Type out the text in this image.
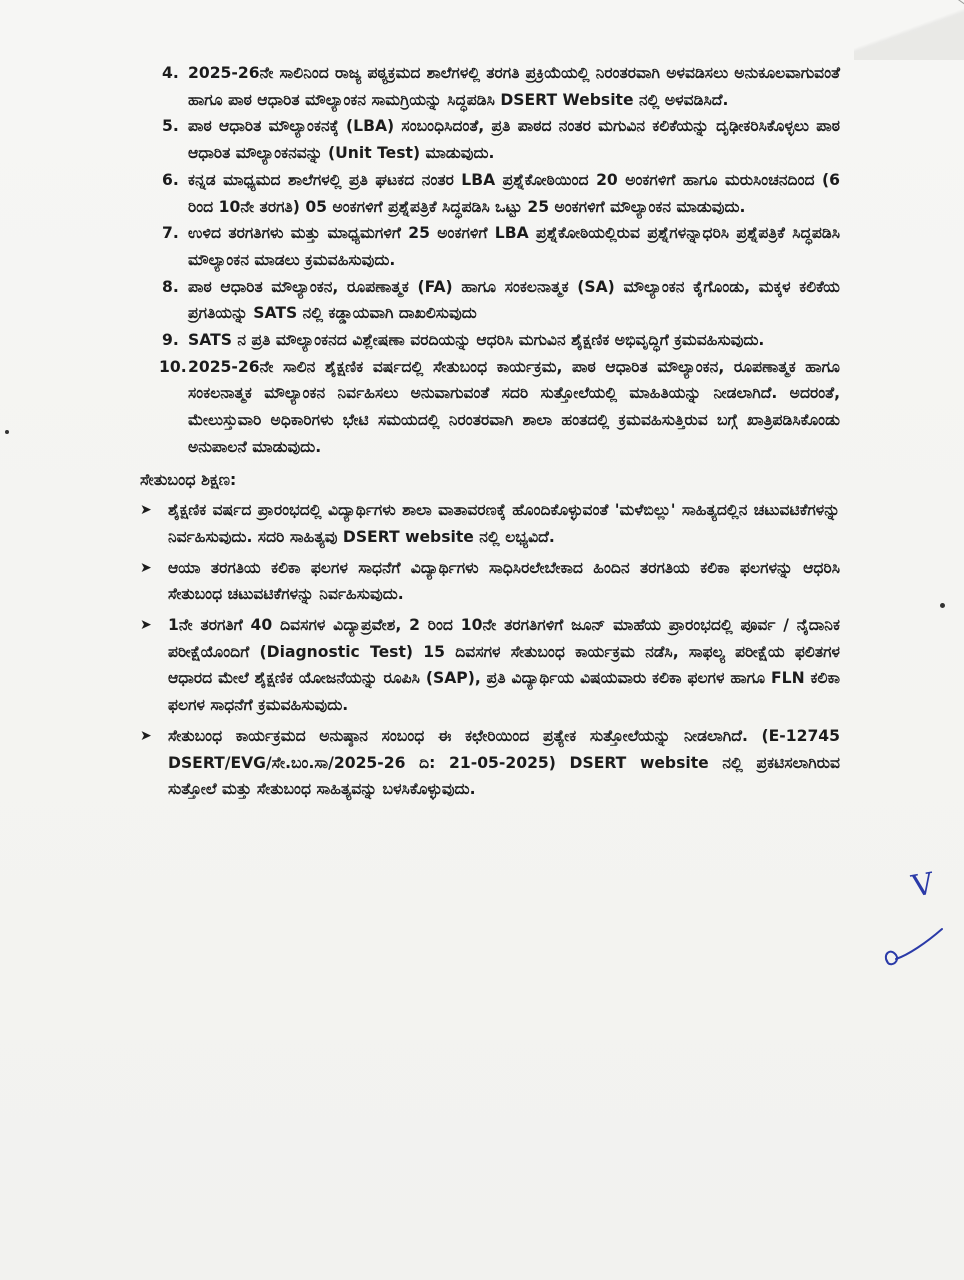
4. 2025-26ನೇ ಸಾಲಿನಿಂದ ರಾಜ್ಯ ಪಠ್ಯಕ್ರಮದ ಶಾಲೆಗಳಲ್ಲಿ ತರಗತಿ ಪ್ರಕ್ರಿಯೆಯಲ್ಲಿ ನಿರಂತರವಾಗಿ ಅಳವಡಿಸಲು ಅನುಕೂಲವಾಗುವಂತೆ ಹಾಗೂ ಪಾಠ ಆಧಾರಿತ ಮೌಲ್ಯಾಂಕನ ಸಾಮಗ್ರಿಯನ್ನು ಸಿದ್ಧಪಡಿಸಿ DSERT Website ನಲ್ಲಿ ಅಳವಡಿಸಿದೆ.
5. ಪಾಠ ಆಧಾರಿತ ಮೌಲ್ಯಾಂಕನಕ್ಕೆ (LBA) ಸಂಬಂಧಿಸಿದಂತೆ, ಪ್ರತಿ ಪಾಠದ ನಂತರ ಮಗುವಿನ ಕಲಿಕೆಯನ್ನು ದೃಢೀಕರಿಸಿಕೊಳ್ಳಲು ಪಾಠ ಆಧಾರಿತ ಮೌಲ್ಯಾಂಕನವನ್ನು (Unit Test) ಮಾಡುವುದು.
6. ಕನ್ನಡ ಮಾಧ್ಯಮದ ಶಾಲೆಗಳಲ್ಲಿ ಪ್ರತಿ ಘಟಕದ ನಂತರ LBA ಪ್ರಶ್ನೆಕೋಠಿಯಿಂದ 20 ಅಂಕಗಳಿಗೆ ಹಾಗೂ ಮರುಸಿಂಚನದಿಂದ (6 ರಿಂದ 10ನೇ ತರಗತಿ) 05 ಅಂಕಗಳಿಗೆ ಪ್ರಶ್ನೆಪತ್ರಿಕೆ ಸಿದ್ಧಪಡಿಸಿ ಒಟ್ಟು 25 ಅಂಕಗಳಿಗೆ ಮೌಲ್ಯಾಂಕನ ಮಾಡುವುದು.
7. ಉಳಿದ ತರಗತಿಗಳು ಮತ್ತು ಮಾಧ್ಯಮಗಳಿಗೆ 25 ಅಂಕಗಳಿಗೆ LBA ಪ್ರಶ್ನೆಕೋಠಿಯಲ್ಲಿರುವ ಪ್ರಶ್ನೆಗಳನ್ನಾಧರಿಸಿ ಪ್ರಶ್ನೆಪತ್ರಿಕೆ ಸಿದ್ಧಪಡಿಸಿ ಮೌಲ್ಯಾಂಕನ ಮಾಡಲು ಕ್ರಮವಹಿಸುವುದು.
8. ಪಾಠ ಆಧಾರಿತ ಮೌಲ್ಯಾಂಕನ, ರೂಪಣಾತ್ಮಕ (FA) ಹಾಗೂ ಸಂಕಲನಾತ್ಮಕ (SA) ಮೌಲ್ಯಾಂಕನ ಕೈಗೊಂಡು, ಮಕ್ಕಳ ಕಲಿಕೆಯ ಪ್ರಗತಿಯನ್ನು SATS ನಲ್ಲಿ ಕಡ್ಡಾಯವಾಗಿ ದಾಖಲಿಸುವುದು
9. SATS ನ ಪ್ರತಿ ಮೌಲ್ಯಾಂಕನದ ವಿಶ್ಲೇಷಣಾ ವರದಿಯನ್ನು ಆಧರಿಸಿ ಮಗುವಿನ ಶೈಕ್ಷಣಿಕ ಅಭಿವೃದ್ಧಿಗೆ ಕ್ರಮವಹಿಸುವುದು.
10. 2025-26ನೇ ಸಾಲಿನ ಶೈಕ್ಷಣಿಕ ವರ್ಷದಲ್ಲಿ ಸೇತುಬಂಧ ಕಾರ್ಯಕ್ರಮ, ಪಾಠ ಆಧಾರಿತ ಮೌಲ್ಯಾಂಕನ, ರೂಪಣಾತ್ಮಕ ಹಾಗೂ ಸಂಕಲನಾತ್ಮಕ ಮೌಲ್ಯಾಂಕನ ನಿರ್ವಹಿಸಲು ಅನುವಾಗುವಂತೆ ಸದರಿ ಸುತ್ತೋಲೆಯಲ್ಲಿ ಮಾಹಿತಿಯನ್ನು ನೀಡಲಾಗಿದೆ. ಅದರಂತೆ, ಮೇಲುಸ್ತುವಾರಿ ಅಧಿಕಾರಿಗಳು ಭೇಟಿ ಸಮಯದಲ್ಲಿ ನಿರಂತರವಾಗಿ ಶಾಲಾ ಹಂತದಲ್ಲಿ ಕ್ರಮವಹಿಸುತ್ತಿರುವ ಬಗ್ಗೆ ಖಾತ್ರಿಪಡಿಸಿಕೊಂಡು ಅನುಪಾಲನೆ ಮಾಡುವುದು.
ಸೇತುಬಂಧ ಶಿಕ್ಷಣ:
➤ ಶೈಕ್ಷಣಿಕ ವರ್ಷದ ಪ್ರಾರಂಭದಲ್ಲಿ ವಿದ್ಯಾರ್ಥಿಗಳು ಶಾಲಾ ವಾತಾವರಣಕ್ಕೆ ಹೊಂದಿಕೊಳ್ಳುವಂತೆ 'ಮಳೆಬಿಲ್ಲು' ಸಾಹಿತ್ಯದಲ್ಲಿನ ಚಟುವಟಿಕೆಗಳನ್ನು ನಿರ್ವಹಿಸುವುದು. ಸದರಿ ಸಾಹಿತ್ಯವು DSERT website ನಲ್ಲಿ ಲಭ್ಯವಿದೆ.
➤ ಆಯಾ ತರಗತಿಯ ಕಲಿಕಾ ಫಲಗಳ ಸಾಧನೆಗೆ ವಿದ್ಯಾರ್ಥಿಗಳು ಸಾಧಿಸಿರಲೇಬೇಕಾದ ಹಿಂದಿನ ತರಗತಿಯ ಕಲಿಕಾ ಫಲಗಳನ್ನು ಆಧರಿಸಿ ಸೇತುಬಂಧ ಚಟುವಟಿಕೆಗಳನ್ನು ನಿರ್ವಹಿಸುವುದು.
➤ 1ನೇ ತರಗತಿಗೆ 40 ದಿವಸಗಳ ವಿದ್ಯಾಪ್ರವೇಶ, 2 ರಿಂದ 10ನೇ ತರಗತಿಗಳಿಗೆ ಜೂನ್ ಮಾಹೆಯ ಪ್ರಾರಂಭದಲ್ಲಿ ಪೂರ್ವ / ನೈದಾನಿಕ ಪರೀಕ್ಷೆಯೊಂದಿಗೆ (Diagnostic Test) 15 ದಿವಸಗಳ ಸೇತುಬಂಧ ಕಾರ್ಯಕ್ರಮ ನಡೆಸಿ, ಸಾಫಲ್ಯ ಪರೀಕ್ಷೆಯ ಫಲಿತಗಳ ಆಧಾರದ ಮೇಲೆ ಶೈಕ್ಷಣಿಕ ಯೋಜನೆಯನ್ನು ರೂಪಿಸಿ (SAP), ಪ್ರತಿ ವಿದ್ಯಾರ್ಥಿಯ ವಿಷಯವಾರು ಕಲಿಕಾ ಫಲಗಳ ಹಾಗೂ FLN ಕಲಿಕಾ ಫಲಗಳ ಸಾಧನೆಗೆ ಕ್ರಮವಹಿಸುವುದು.
➤ ಸೇತುಬಂಧ ಕಾರ್ಯಕ್ರಮದ ಅನುಷ್ಠಾನ ಸಂಬಂಧ ಈ ಕಛೇರಿಯಿಂದ ಪ್ರತ್ಯೇಕ ಸುತ್ತೋಲೆಯನ್ನು ನೀಡಲಾಗಿದೆ. (E-12745 DSERT/EVG/ಸೇ.ಬಂ.ಸಾ/2025-26 ದಿ: 21-05-2025) DSERT website ನಲ್ಲಿ ಪ್ರಕಟಿಸಲಾಗಿರುವ ಸುತ್ತೋಲೆ ಮತ್ತು ಸೇತುಬಂಧ ಸಾಹಿತ್ಯವನ್ನು ಬಳಸಿಕೊಳ್ಳುವುದು.
V
